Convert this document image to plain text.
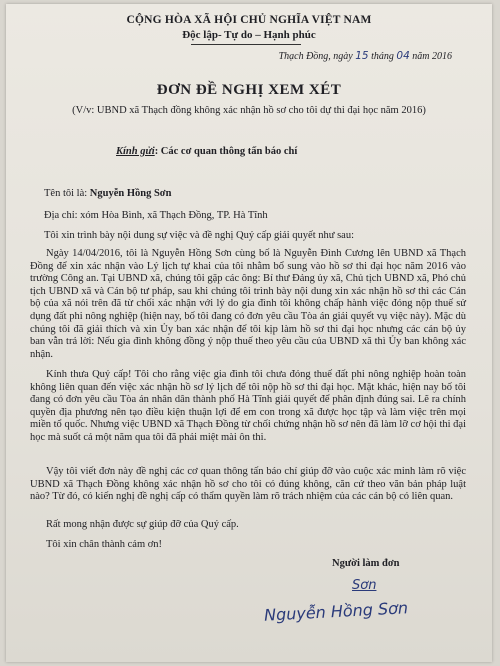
CỘNG HÒA XÃ HỘI CHỦ NGHĨA VIỆT NAM
Độc lập- Tự do – Hạnh phúc
Thạch Đồng, ngày 15 tháng 04 năm 2016
ĐƠN ĐỀ NGHỊ XEM XÉT
(V/v: UBND xã Thạch đồng không xác nhận hồ sơ cho tôi dự thi đại học năm 2016)
Kính gửi: Các cơ quan thông tấn báo chí
Tên tôi là: Nguyễn Hồng Sơn
Địa chỉ: xóm Hòa Bình, xã Thạch Đồng, TP. Hà Tĩnh
Tôi xin trình bày nội dung sự việc và đề nghị Quý cấp giải quyết như sau:

Ngày 14/04/2016, tôi là Nguyễn Hồng Sơn cùng bố là Nguyễn Đình Cương lên UBND xã Thạch Đồng để xin xác nhận vào Lý lịch tự khai của tôi nhằm bổ sung vào hồ sơ thi đại học năm 2016 vào trường Công an. Tại UBND xã, chúng tôi gặp các ông: Bí thư Đảng ủy xã, Chủ tịch UBND xã, Phó chủ tịch UBND xã và Cán bộ tư pháp, sau khi chúng tôi trình bày nội dung xin xác nhận hồ sơ thì các Cán bộ của xã nói trên đã từ chối xác nhận với lý do gia đình tôi không chấp hành việc đóng nộp thuế sử dụng đất phi nông nghiệp (hiện nay, bố tôi đang có đơn yêu cầu Tòa án giải quyết vụ việc này). Mặc dù chúng tôi đã giải thích và xin Ủy ban xác nhận để tôi kịp làm hồ sơ thi đại học nhưng các cán bộ ủy ban vẫn trả lời: Nếu gia đình không đồng ý nộp thuế theo yêu cầu của UBND xã thì Ủy ban không xác nhận.

Kính thưa Quý cấp! Tôi cho rằng việc gia đình tôi chưa đóng thuế đất phi nông nghiệp hoàn toàn không liên quan đến việc xác nhận hồ sơ lý lịch để tôi nộp hồ sơ thi đại học. Mặt khác, hiện nay bố tôi đang có đơn yêu cầu Tòa án nhân dân thành phố Hà Tĩnh giải quyết để phân định đúng sai. Lẽ ra chính quyền địa phương nên tạo điều kiện thuận lợi để em con trong xã được học tập và làm việc trên mọi miền tổ quốc. Nhưng việc UBND xã Thạch Đồng từ chối chứng nhận hồ sơ nên đã làm lỡ cơ hội thi đại học mà suốt cả một năm qua tôi đã phải miệt mài ôn thi.

Vậy tôi viết đơn này đề nghị các cơ quan thông tấn báo chí giúp đỡ vào cuộc xác minh làm rõ việc UBND xã Thạch Đồng không xác nhận hồ sơ cho tôi có đúng không, căn cứ theo văn bản pháp luật nào? Từ đó, có kiến nghị đề nghị cấp có thẩm quyền làm rõ trách nhiệm của các cán bộ có liên quan.

Rất mong nhận được sự giúp đỡ của Quý cấp.

Tôi xin chân thành cảm ơn!

Người làm đơn
Sơn
Nguyễn Hồng Sơn
